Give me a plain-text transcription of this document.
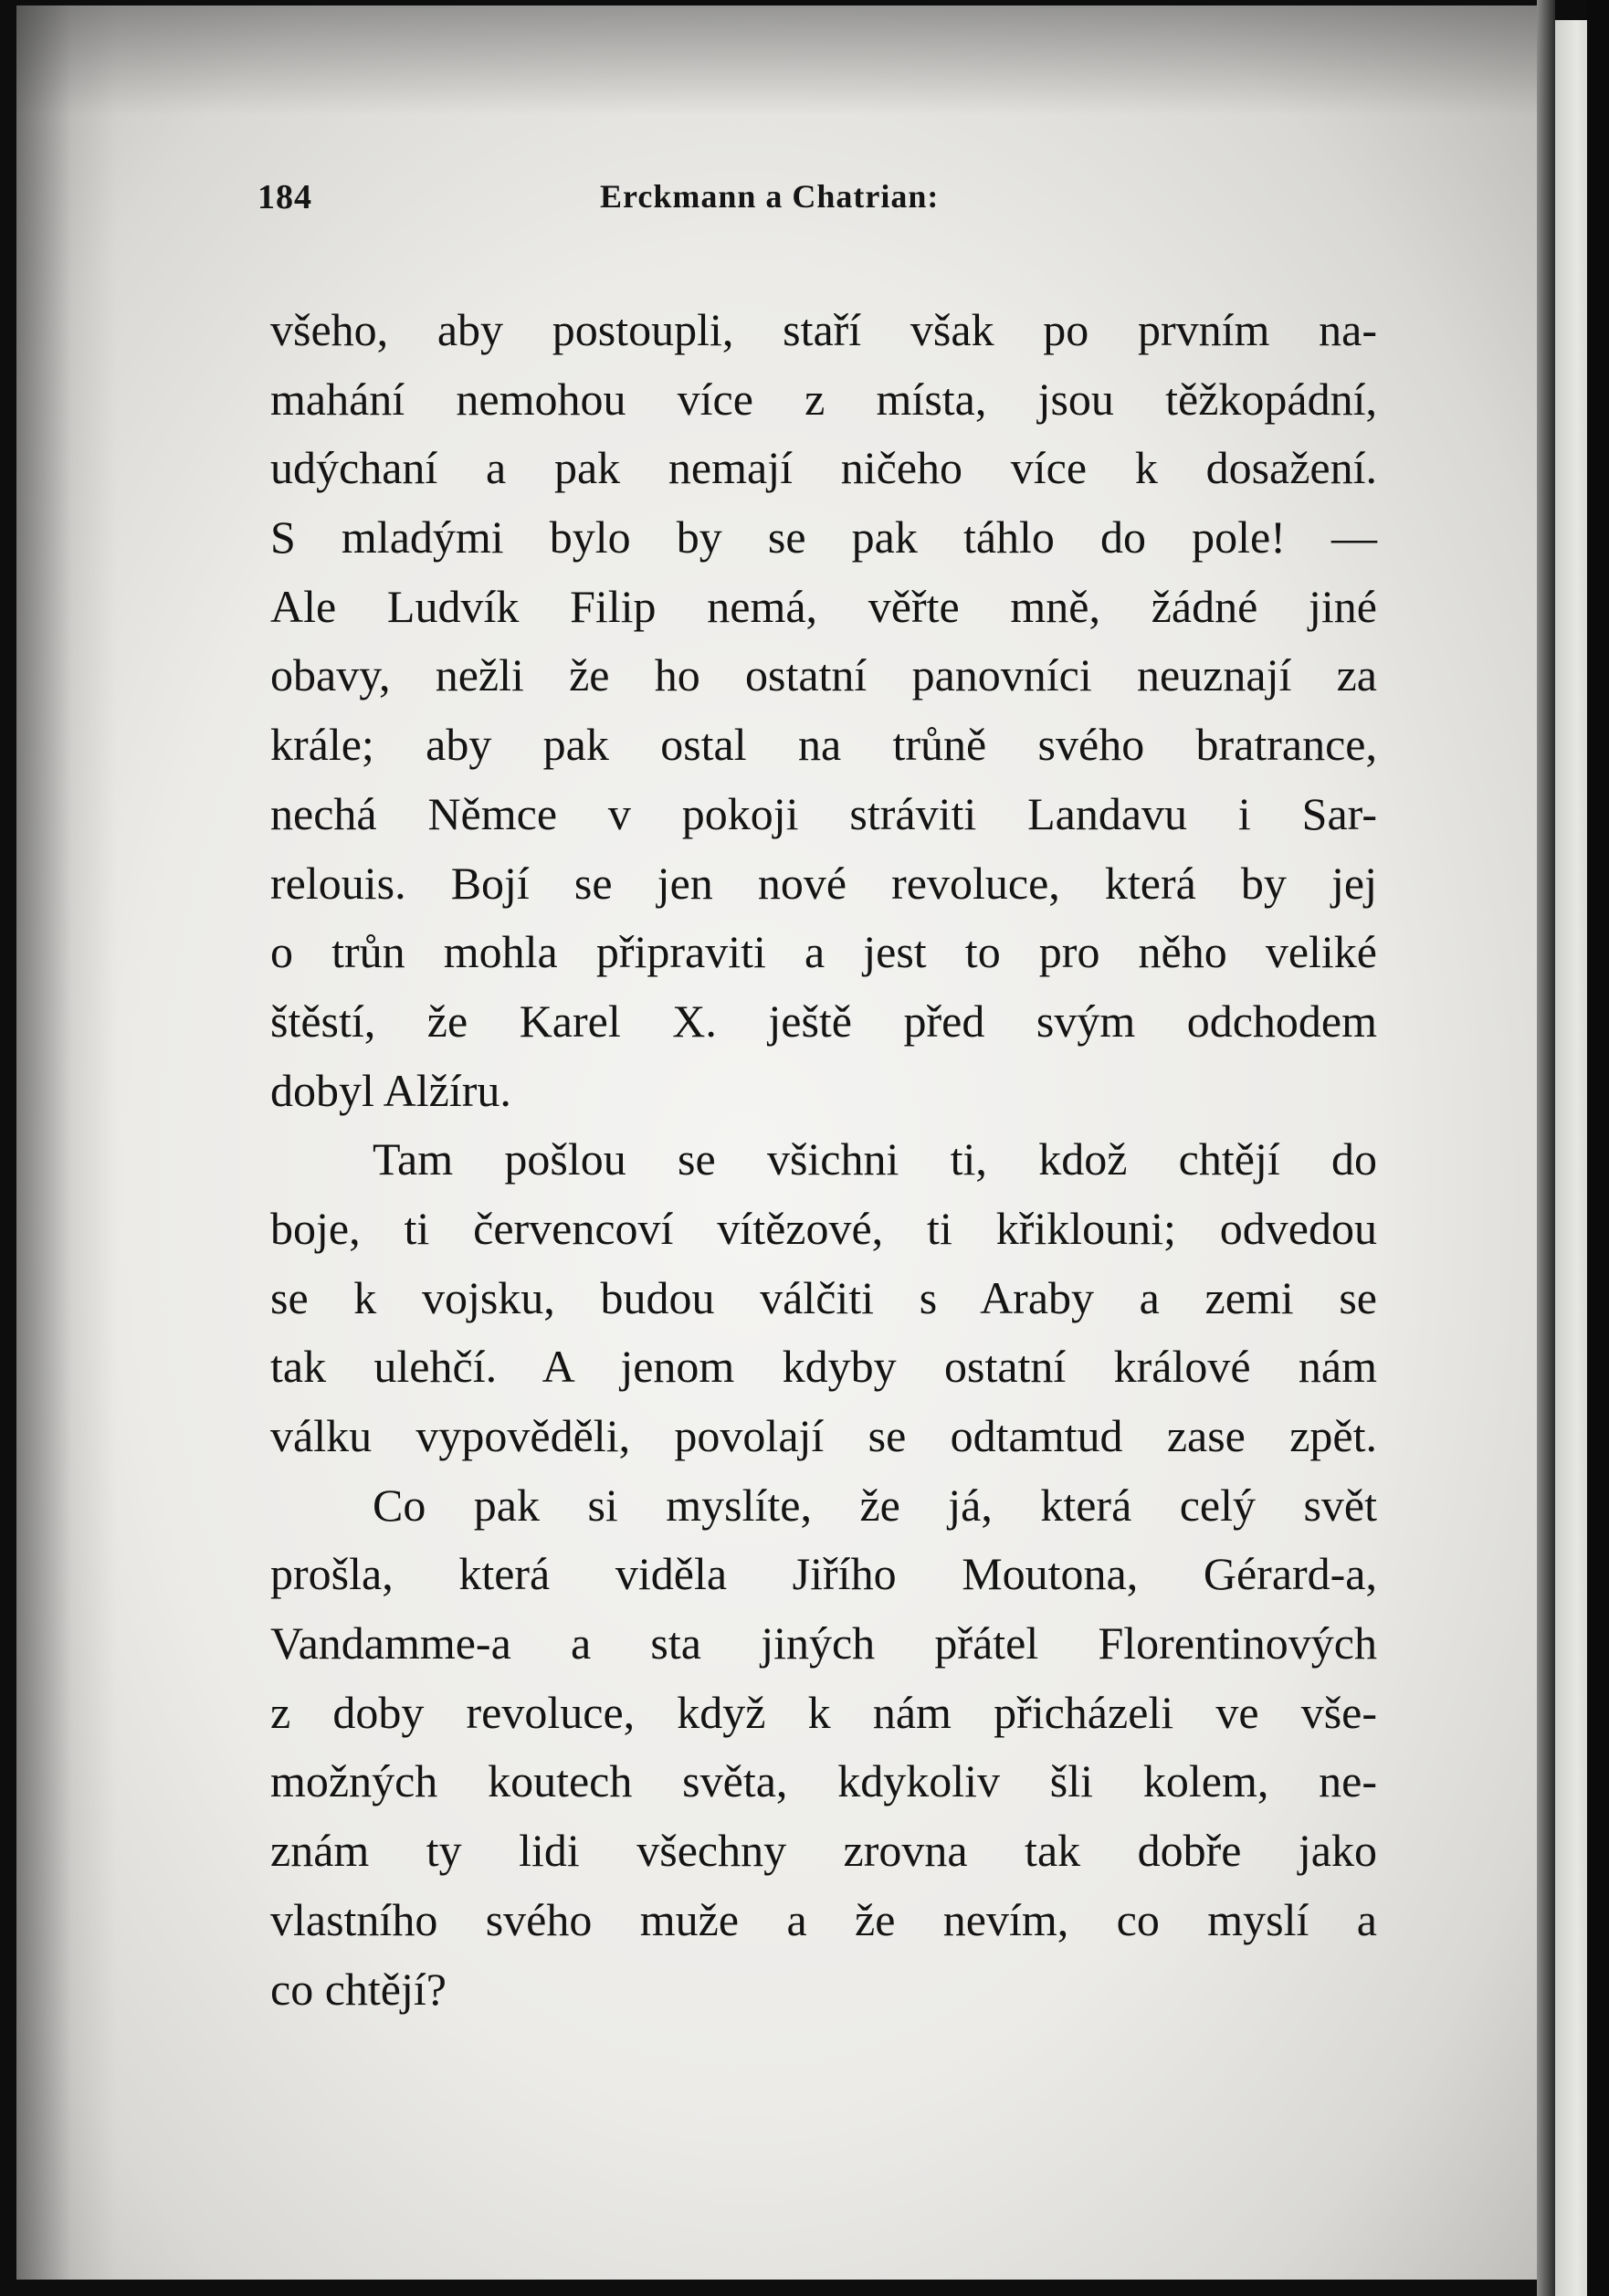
184	Erckmann a Chatrian:
všeho, aby postoupli, staří však po prvním na-
mahání nemohou více z místa, jsou těžkopádní,
udýchaní a pak nemají ničeho více k dosažení.
S mladými bylo by se pak táhlo do pole! —
Ale Ludvík Filip nemá, věřte mně, žádné jiné
obavy, nežli že ho ostatní panovníci neuznají za
krále; aby pak ostal na trůně svého bratrance,
nechá Němce v pokoji stráviti Landavu i Sar-
relouis. Bojí se jen nové revoluce, která by jej
o trůn mohla připraviti a jest to pro něho veliké
štěstí, že Karel X. ještě před svým odchodem
dobyl Alžíru.
Tam pošlou se všichni ti, kdož chtějí do
boje, ti červencoví vítězové, ti křiklouni; odvedou
se k vojsku, budou válčiti s Araby a zemi se
tak ulehčí. A jenom kdyby ostatní králové nám
válku vypověděli, povolají se odtamtud zase zpět.
Co pak si myslíte, že já, která celý svět
prošla, která viděla Jiřího Moutona, Gérard-a,
Vandamme-a a sta jiných přátel Florentinových
z doby revoluce, když k nám přicházeli ve vše-
možných koutech světa, kdykoliv šli kolem, ne-
znám ty lidi všechny zrovna tak dobře jako
vlastního svého muže a že nevím, co myslí a
co chtějí?
